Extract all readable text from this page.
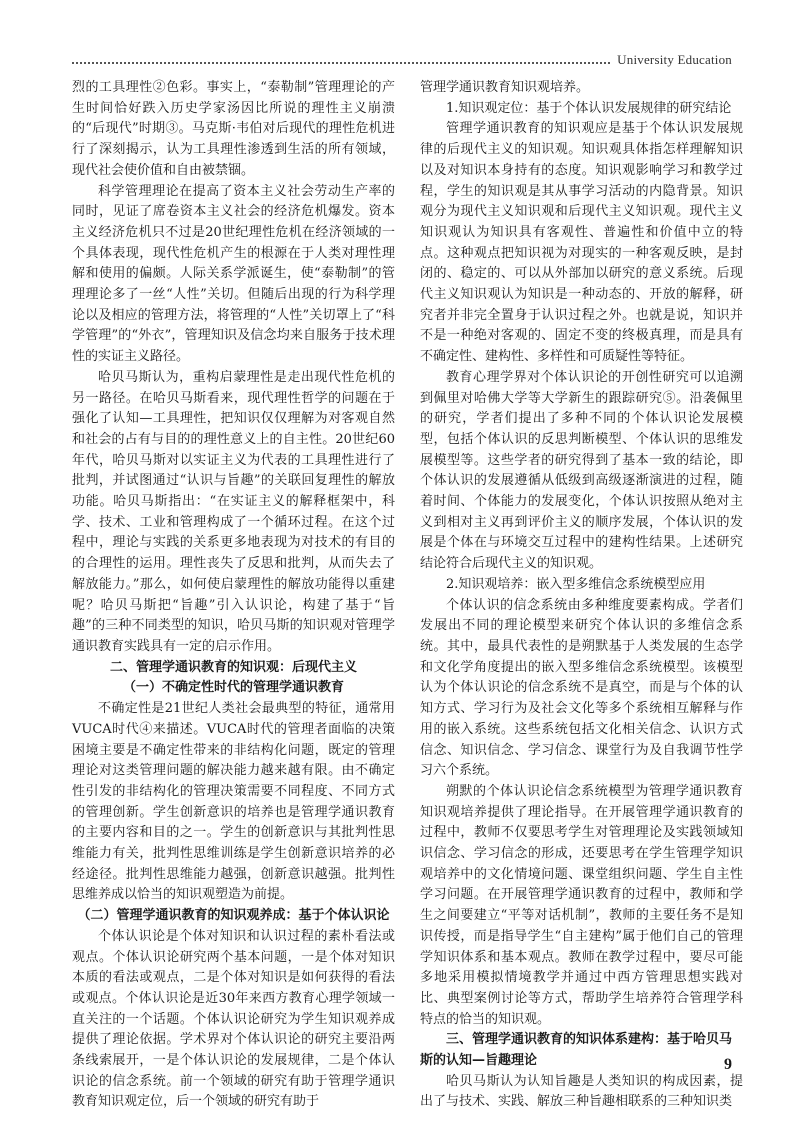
University Education

烈的工具理性②色彩。事实上，“泰勒制”管理理论的产生时间恰好跌入历史学家汤因比所说的理性主义崩溃的“后现代”时期③。马克斯·韦伯对后现代的理性危机进行了深刻揭示，认为工具理性渗透到生活的所有领域，现代社会使价值和自由被禁锢。

科学管理理论在提高了资本主义社会劳动生产率的同时，见证了席卷资本主义社会的经济危机爆发。资本主义经济危机只不过是20世纪理性危机在经济领域的一个具体表现，现代性危机产生的根源在于人类对理性理解和使用的偏颇。人际关系学派诞生，使“泰勒制”的管理理论多了一丝“人性”关切。但随后出现的行为科学理论以及相应的管理方法，将管理的“人性”关切罩上了“科学管理”的“外衣”，管理知识及信念均来自服务于技术理性的实证主义路径。

哈贝马斯认为，重构启蒙理性是走出现代性危机的另一路径。在哈贝马斯看来，现代理性哲学的问题在于强化了认知—工具理性，把知识仅仅理解为对客观自然和社会的占有与目的的理性意义上的自主性。20世纪60年代，哈贝马斯对以实证主义为代表的工具理性进行了批判，并试图通过“认识与旨趣”的关联回复理性的解放功能。哈贝马斯指出：“在实证主义的解释框架中，科学、技术、工业和管理构成了一个循环过程。在这个过程中，理论与实践的关系更多地表现为对技术的有目的的合理性的运用。理性丧失了反思和批判，从而失去了解放能力。”那么，如何使启蒙理性的解放功能得以重建呢？哈贝马斯把“旨趣”引入认识论，构建了基于“旨趣”的三种不同类型的知识，哈贝马斯的知识观对管理学通识教育实践具有一定的启示作用。

二、管理学通识教育的知识观：后现代主义
（一）不确定性时代的管理学通识教育

不确定性是21世纪人类社会最典型的特征，通常用VUCA时代④来描述。VUCA时代的管理者面临的决策困境主要是不确定性带来的非结构化问题，既定的管理理论对这类管理问题的解决能力越来越有限。由不确定性引发的非结构化的管理决策需要不同程度、不同方式的管理创新。学生创新意识的培养也是管理学通识教育的主要内容和目的之一。学生的创新意识与其批判性思维能力有关，批判性思维训练是学生创新意识培养的必经途径。批判性思维能力越强，创新意识越强。批判性思维养成以恰当的知识观塑造为前提。

（二）管理学通识教育的知识观养成：基于个体认识论

个体认识论是个体对知识和认识过程的素朴看法或观点。个体认识论研究两个基本问题，一是个体对知识本质的看法或观点，二是个体对知识是如何获得的看法或观点。个体认识论是近30年来西方教育心理学领域一直关注的一个话题。个体认识论研究为学生知识观养成提供了理论依据。学术界对个体认识论的研究主要沿两条线索展开，一是个体认识论的发展规律，二是个体认识论的信念系统。前一个领域的研究有助于管理学通识教育知识观定位，后一个领域的研究有助于

管理学通识教育知识观培养。

1.知识观定位：基于个体认识发展规律的研究结论

管理学通识教育的知识观应是基于个体认识发展规律的后现代主义的知识观。知识观具体指怎样理解知识以及对知识本身持有的态度。知识观影响学习和教学过程，学生的知识观是其从事学习活动的内隐背景。知识观分为现代主义知识观和后现代主义知识观。现代主义知识观认为知识具有客观性、普遍性和价值中立的特点。这种观点把知识视为对现实的一种客观反映，是封闭的、稳定的、可以从外部加以研究的意义系统。后现代主义知识观认为知识是一种动态的、开放的解释，研究者并非完全置身于认识过程之外。也就是说，知识并不是一种绝对客观的、固定不变的终极真理，而是具有不确定性、建构性、多样性和可质疑性等特征。

教育心理学界对个体认识论的开创性研究可以追溯到佩里对哈佛大学等大学新生的跟踪研究⑤。沿袭佩里的研究，学者们提出了多种不同的个体认识论发展模型，包括个体认识的反思判断模型、个体认识的思维发展模型等。这些学者的研究得到了基本一致的结论，即个体认识的发展遵循从低级到高级逐渐演进的过程，随着时间、个体能力的发展变化，个体认识按照从绝对主义到相对主义再到评价主义的顺序发展，个体认识的发展是个体在与环境交互过程中的建构性结果。上述研究结论符合后现代主义的知识观。

2.知识观培养：嵌入型多维信念系统模型应用

个体认识的信念系统由多种维度要素构成。学者们发展出不同的理论模型来研究个体认识的多维信念系统。其中，最具代表性的是朔默基于人类发展的生态学和文化学角度提出的嵌入型多维信念系统模型。该模型认为个体认识论的信念系统不是真空，而是与个体的认知方式、学习行为及社会文化等多个系统相互解释与作用的嵌入系统。这些系统包括文化相关信念、认识方式信念、知识信念、学习信念、课堂行为及自我调节性学习六个系统。

朔默的个体认识论信念系统模型为管理学通识教育知识观培养提供了理论指导。在开展管理学通识教育的过程中，教师不仅要思考学生对管理理论及实践领域知识信念、学习信念的形成，还要思考在学生管理学知识观培养中的文化情境问题、课堂组织问题、学生自主性学习问题。在开展管理学通识教育的过程中，教师和学生之间要建立“平等对话机制”，教师的主要任务不是知识传授，而是指导学生“自主建构”属于他们自己的管理学知识体系和基本观点。教师在教学过程中，要尽可能多地采用模拟情境教学并通过中西方管理思想实践对比、典型案例讨论等方式，帮助学生培养符合管理学科特点的恰当的知识观。

三、管理学通识教育的知识体系建构：基于哈贝马斯的认知—旨趣理论

哈贝马斯认为认知旨趣是人类知识的构成因素，提出了与技术、实践、解放三种旨趣相联系的三种知识类

9
